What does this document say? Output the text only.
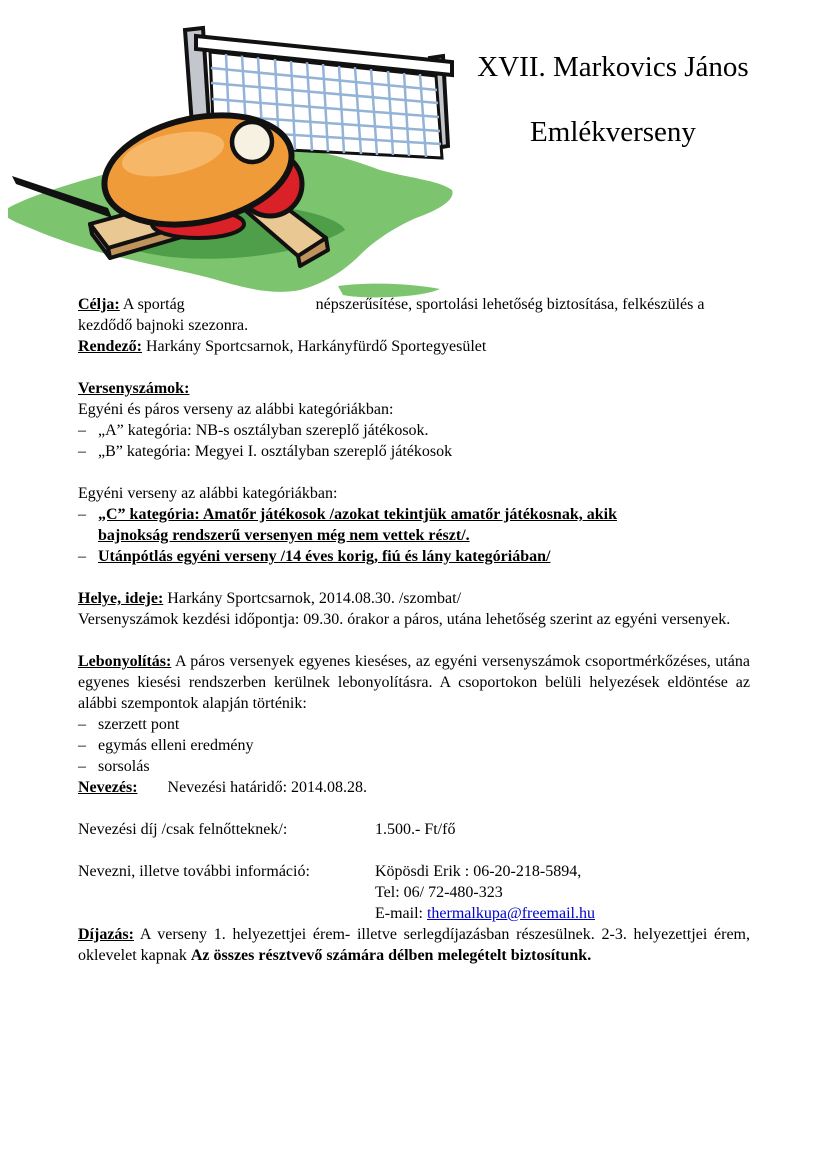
XVII. Markovics János
Emlékverseny

Célja: A sportág	népszerűsítése, sportolási lehetőség biztosítása, felkészülés a
kezdődő bajnoki szezonra.

Rendező: Harkány Sportcsarnok, Harkányfürdő Sportegyesület

Versenyszámok:

Egyéni és páros verseny az alábbi kategóriákban:

– „A” kategória: NB-s osztályban szereplő játékosok.
– „B” kategória: Megyei I. osztályban szereplő játékosok

Egyéni verseny az alábbi kategóriákban:

– „C” kategória: Amatőr játékosok /azokat tekintjük amatőr játékosnak, akik
bajnokság rendszerű versenyen még nem vettek részt/.
– Utánpótlás egyéni verseny /14 éves korig, fiú és lány kategóriában/

Helye, ideje: Harkány Sportcsarnok, 2014.08.30. /szombat/

Versenyszámok kezdési időpontja: 09.30. órakor a páros, utána lehetőség szerint az egyéni versenyek.

Lebonyolítás: A páros versenyek egyenes kieséses, az egyéni versenyszámok csoportmérkőzéses, utána egyenes kiesési rendszerben kerülnek lebonyolításra. A csoportokon belüli helyezések eldöntése az alábbi szempontok alapján történik:

– szerzett pont
– egymás elleni eredmény
– sorsolás

Nevezés: Nevezési határidő: 2014.08.28.

Nevezési díj /csak felnőtteknek/:	1.500.- Ft/fő
Nevezni, illetve további információ:	Köpösdi Erik : 06-20-218-5894,
Tel: 06/ 72-480-323
E-mail: thermalkupa@freemail.hu

Díjazás: A verseny 1. helyezettjei érem- illetve serlegdíjazásban részesülnek. 2-3. helyezettjei érem, oklevelet kapnak Az összes résztvevő számára délben melegételt biztosítunk.
